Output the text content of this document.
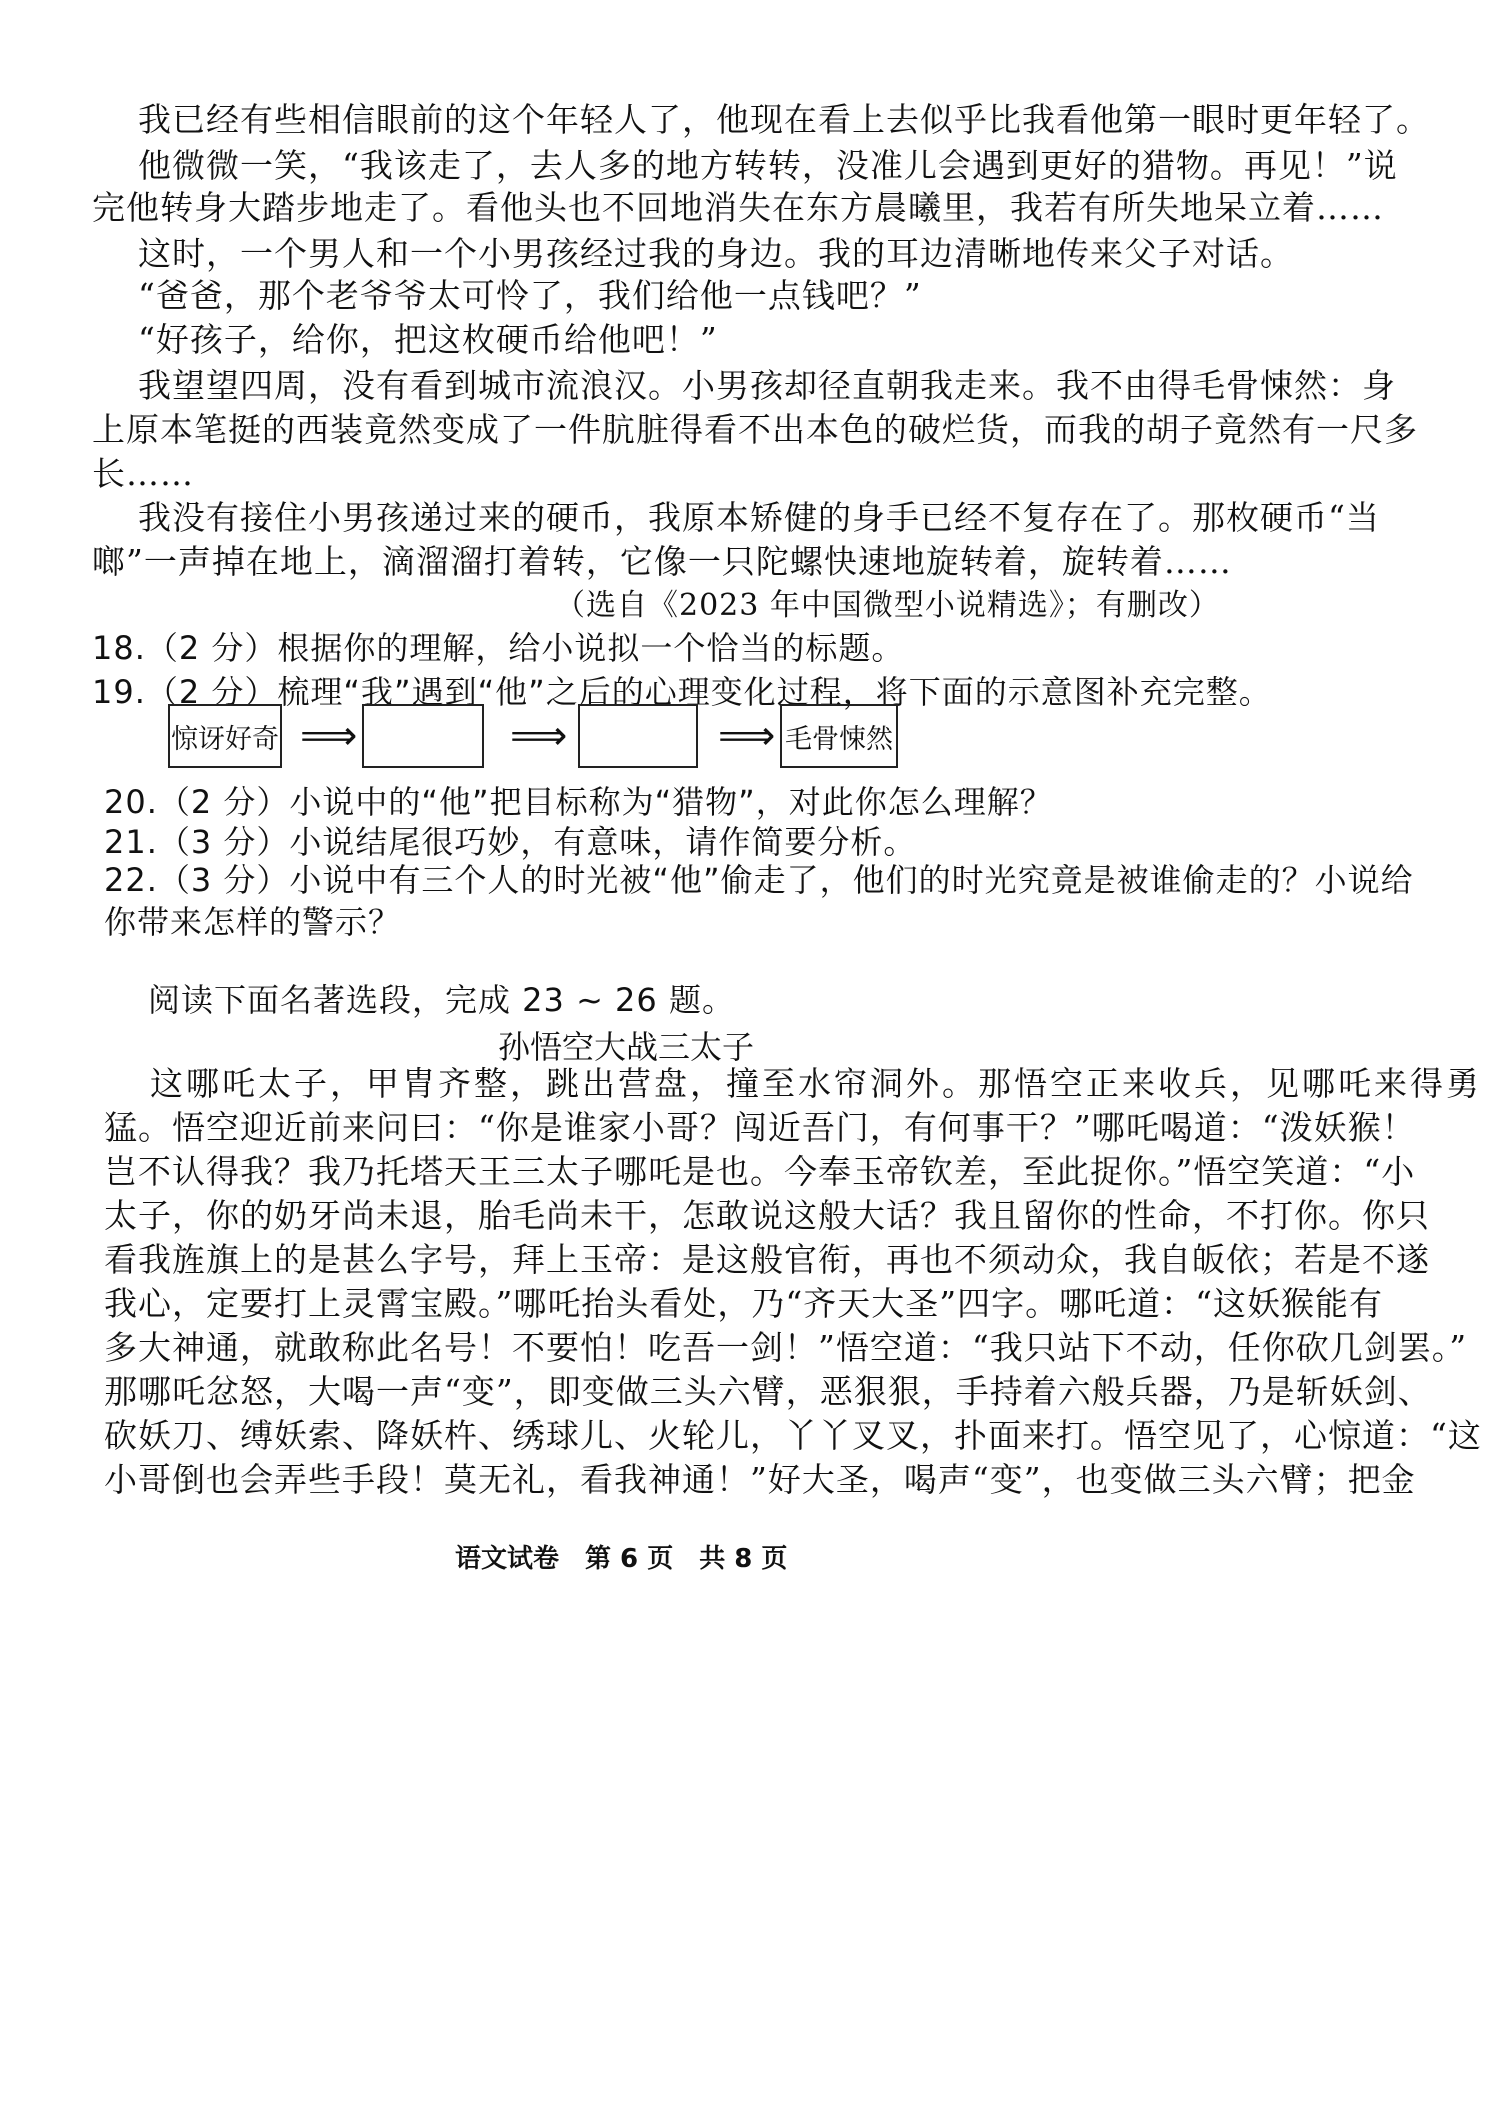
我已经有些相信眼前的这个年轻人了，他现在看上去似乎比我看他第一眼时更年轻了。
他微微一笑，“我该走了，去人多的地方转转，没准儿会遇到更好的猎物。再见！”说
完他转身大踏步地走了。看他头也不回地消失在东方晨曦里，我若有所失地呆立着……
这时，一个男人和一个小男孩经过我的身边。我的耳边清晰地传来父子对话。
“爸爸，那个老爷爷太可怜了，我们给他一点钱吧？”
“好孩子，给你，把这枚硬币给他吧！”
我望望四周，没有看到城市流浪汉。小男孩却径直朝我走来。我不由得毛骨悚然：身
上原本笔挺的西装竟然变成了一件肮脏得看不出本色的破烂货，而我的胡子竟然有一尺多
长……
我没有接住小男孩递过来的硬币，我原本矫健的身手已经不复存在了。那枚硬币“当
啷”一声掉在地上，滴溜溜打着转，它像一只陀螺快速地旋转着，旋转着……
（选自《2023 年中国微型小说精选》；有删改）
18.（2 分）根据你的理解，给小说拟一个恰当的标题。
19.（2 分）梳理“我”遇到“他”之后的心理变化过程，将下面的示意图补充完整。
惊讶好奇 ⟹	⟹	⟹ 毛骨悚然
20.（2 分）小说中的“他”把目标称为“猎物”，对此你怎么理解？
21.（3 分）小说结尾很巧妙，有意味，请作简要分析。
22.（3 分）小说中有三个人的时光被“他”偷走了，他们的时光究竟是被谁偷走的？小说给
你带来怎样的警示？
阅读下面名著选段，完成 23 ~ 26 题。
孙悟空大战三太子
这哪吒太子，甲胄齐整，跳出营盘，撞至水帘洞外。那悟空正来收兵，见哪吒来得勇
猛。悟空迎近前来问曰：“你是谁家小哥？闯近吾门，有何事干？”哪吒喝道：“泼妖猴！
岂不认得我？我乃托塔天王三太子哪吒是也。今奉玉帝钦差，至此捉你。”悟空笑道：“小
太子，你的奶牙尚未退，胎毛尚未干，怎敢说这般大话？我且留你的性命，不打你。你只
看我旌旗上的是甚么字号，拜上玉帝：是这般官衔，再也不须动众，我自皈依；若是不遂
我心，定要打上灵霄宝殿。”哪吒抬头看处，乃“齐天大圣”四字。哪吒道：“这妖猴能有
多大神通，就敢称此名号！不要怕！吃吾一剑！”悟空道：“我只站下不动，任你砍几剑罢。”
那哪吒忿怒，大喝一声“变”，即变做三头六臂，恶狠狠，手持着六般兵器，乃是斩妖剑、
砍妖刀、缚妖索、降妖杵、绣球儿、火轮儿，丫丫叉叉，扑面来打。悟空见了，心惊道：“这
小哥倒也会弄些手段！莫无礼，看我神通！”好大圣，喝声“变”，也变做三头六臂；把金
语文试卷　第 6 页　共 8 页
